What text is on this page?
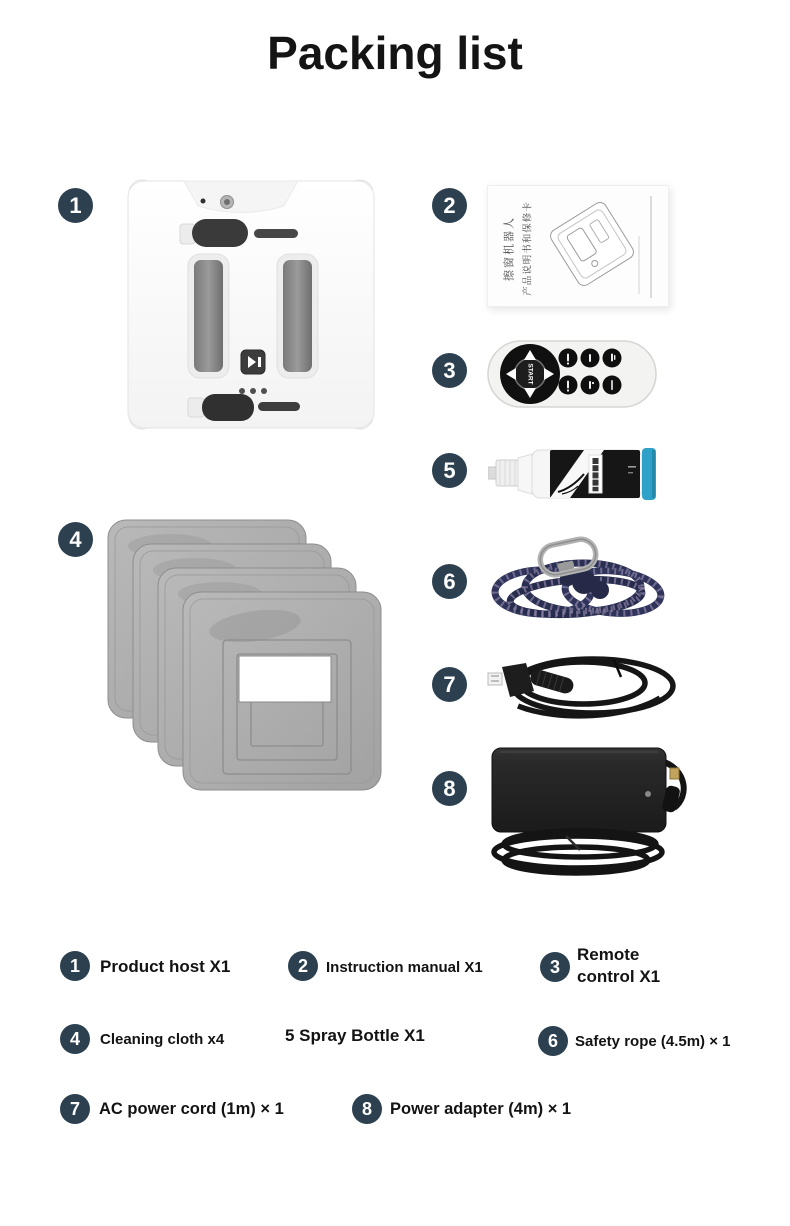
Packing list
1	2
3
4
5
6
7
8
擦窗机器人 产品说明书和保修卡
START
1	Product host X1	2	Instruction manual X1	3
Remote control X1
4	Cleaning cloth x4	5 Spray Bottle X1	6	Safety rope (4.5m) × 1
7	AC power cord (1m) × 1	8	Power adapter (4m) × 1
